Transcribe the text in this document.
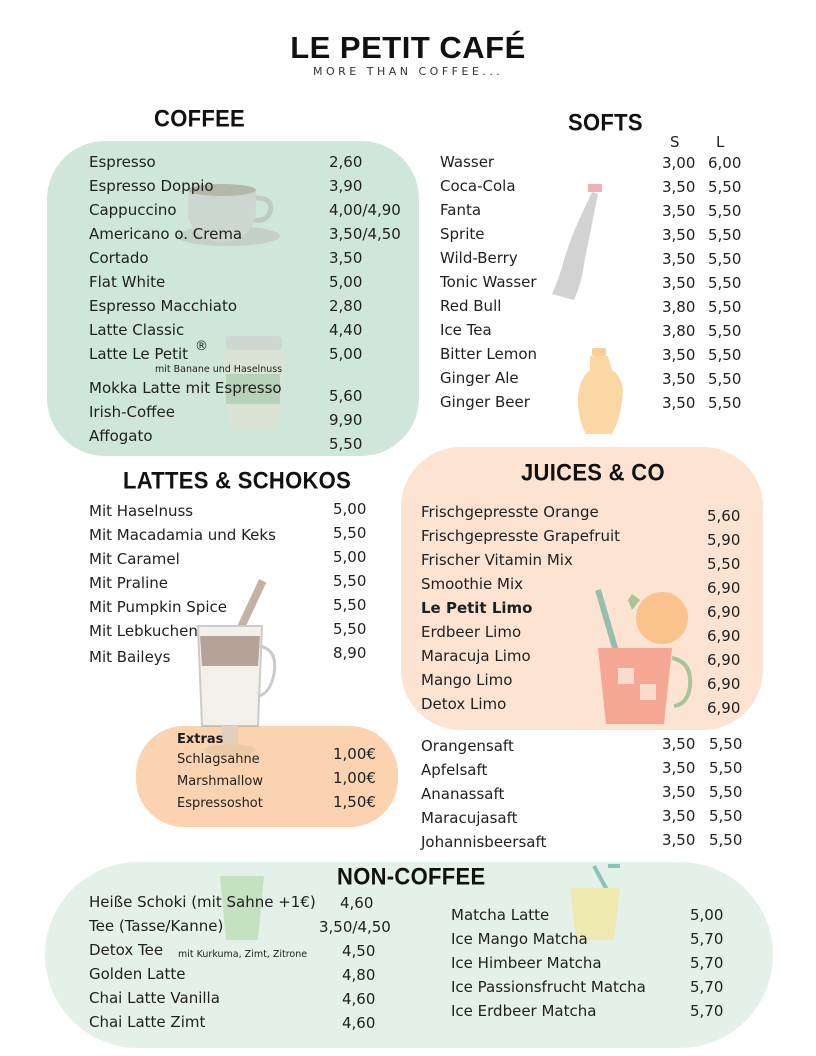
LE PETIT CAFÉ
MORE THAN COFFEE...
COFFEE
Espresso	2,60
Espresso Doppio	3,90
Cappuccino	4,00/4,90
Americano o. Crema	3,50/4,50
Cortado	3,50
Flat White	5,00
Espresso Macchiato	2,80
Latte Classic	4,40
Latte Le Petit ®	5,00
mit Banane und Haselnuss
Mokka Latte mit Espresso	5,60
Irish-Coffee	9,90
Affogato	5,50
SOFTS
S L
Wasser	3,00 6,00
Coca-Cola	3,50 5,50
Fanta	3,50 5,50
Sprite	3,50 5,50
Wild-Berry	3,50 5,50
Tonic Wasser	3,50 5,50
Red Bull	3,80 5,50
Ice Tea	3,80 5,50
Bitter Lemon	3,50 5,50
Ginger Ale	3,50 5,50
Ginger Beer	3,50 5,50
LATTES & SCHOKOS
Mit Haselnuss	5,00
Mit Macadamia und Keks	5,50
Mit Caramel	5,00
Mit Praline	5,50
Mit Pumpkin Spice	5,50
Mit Lebkuchen	5,50
Mit Baileys	8,90
Extras
Schlagsahne	1,00€
Marshmallow	1,00€
Espressoshot	1,50€
JUICES & CO
Frischgepresste Orange	5,60
Frischgepresste Grapefruit	5,90
Frischer Vitamin Mix	5,50
Smoothie Mix	6,90
Le Petit Limo	6,90
Erdbeer Limo	6,90
Maracuja Limo	6,90
Mango Limo	6,90
Detox Limo	6,90
Orangensaft	3,50 5,50
Apfelsaft	3,50 5,50
Ananassaft	3,50 5,50
Maracujasaft	3,50 5,50
Johannisbeersaft	3,50 5,50
NON-COFFEE
Heiße Schoki (mit Sahne +1€) 4,60
Tee (Tasse/Kanne)	3,50/4,50
Detox Tee mit Kurkuma, Zimt, Zitrone 4,50
Golden Latte	4,80
Chai Latte Vanilla	4,60
Chai Latte Zimt	4,60
Matcha Latte	5,00
Ice Mango Matcha	5,70
Ice Himbeer Matcha	5,70
Ice Passionsfrucht Matcha	5,70
Ice Erdbeer Matcha	5,70
